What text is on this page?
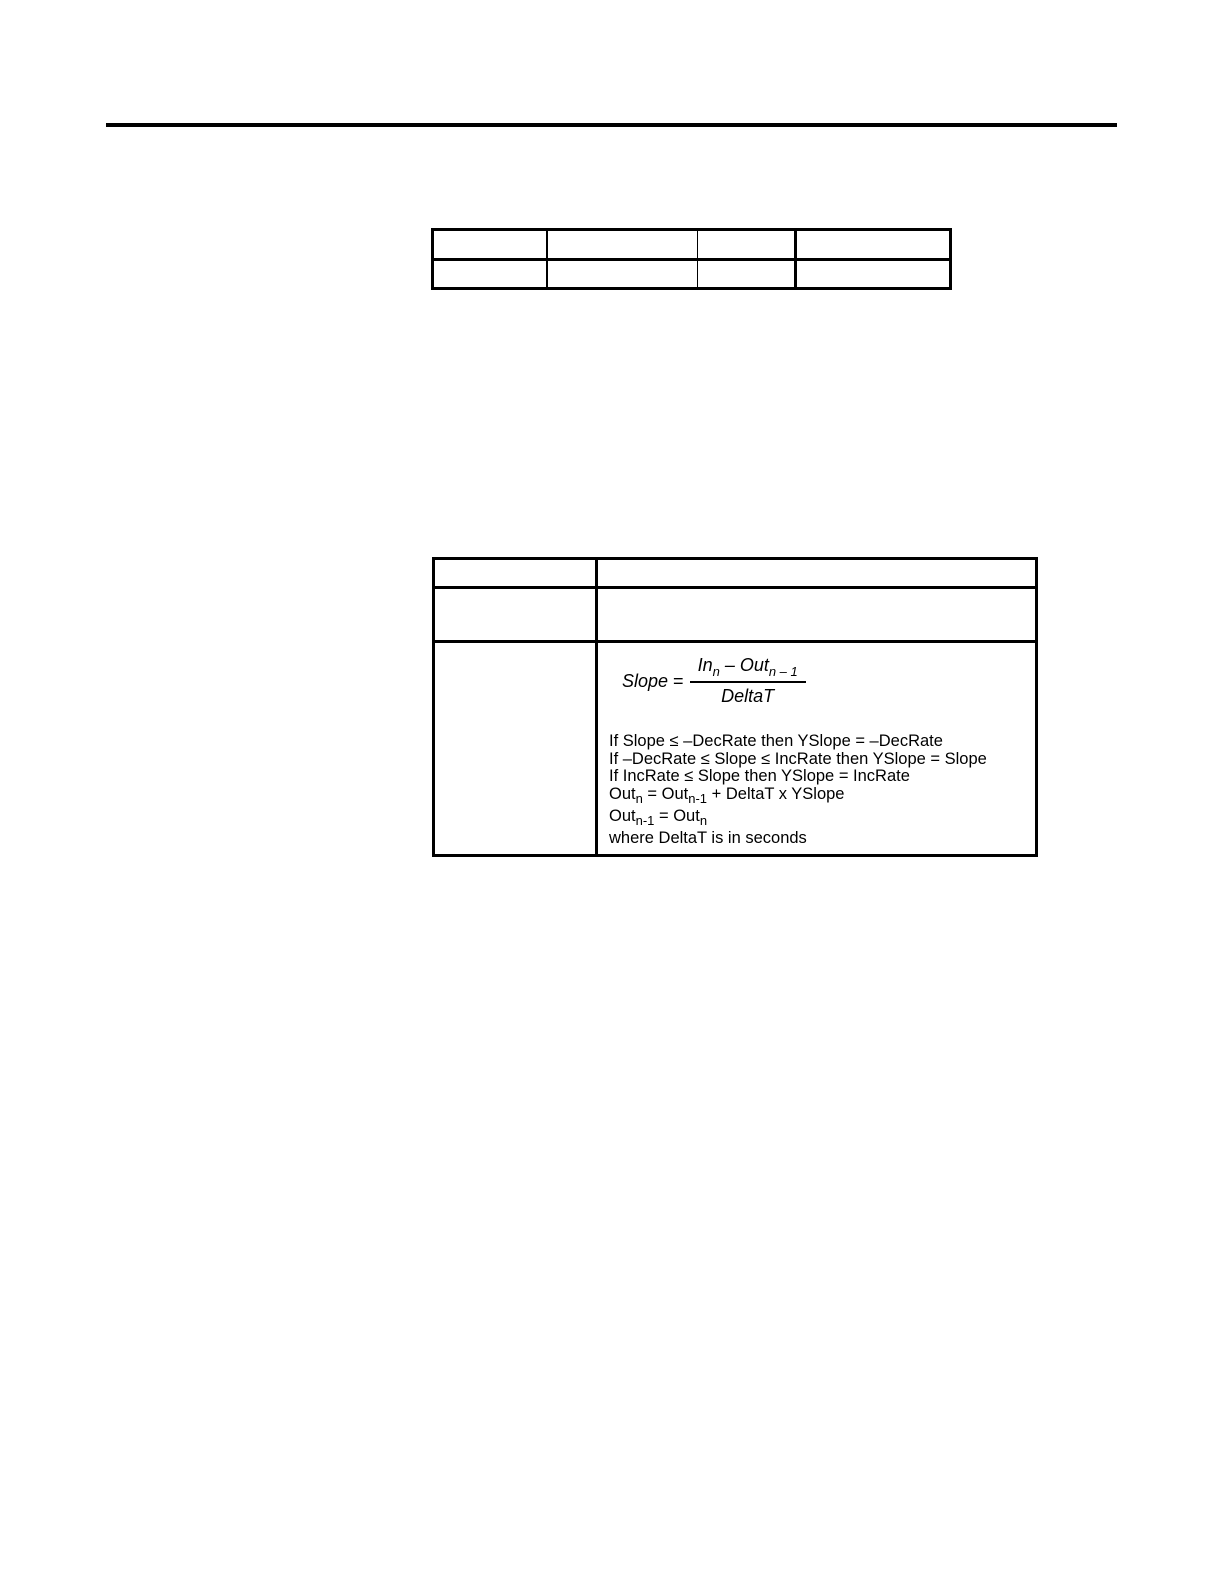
Slope = $\frac{In_n - Out_{n - 1}}{\text{DeltaT}}$
If Slope ≤ –DecRate then YSlope = –DecRate
If –DecRate ≤ Slope ≤ IncRate then YSlope = Slope
If IncRate ≤ Slope then YSlope = IncRate
Out$_n$ = Out$_{n-1}$ + DeltaT x YSlope
Out$_{n-1}$ = Out$_n$
where DeltaT is in seconds
